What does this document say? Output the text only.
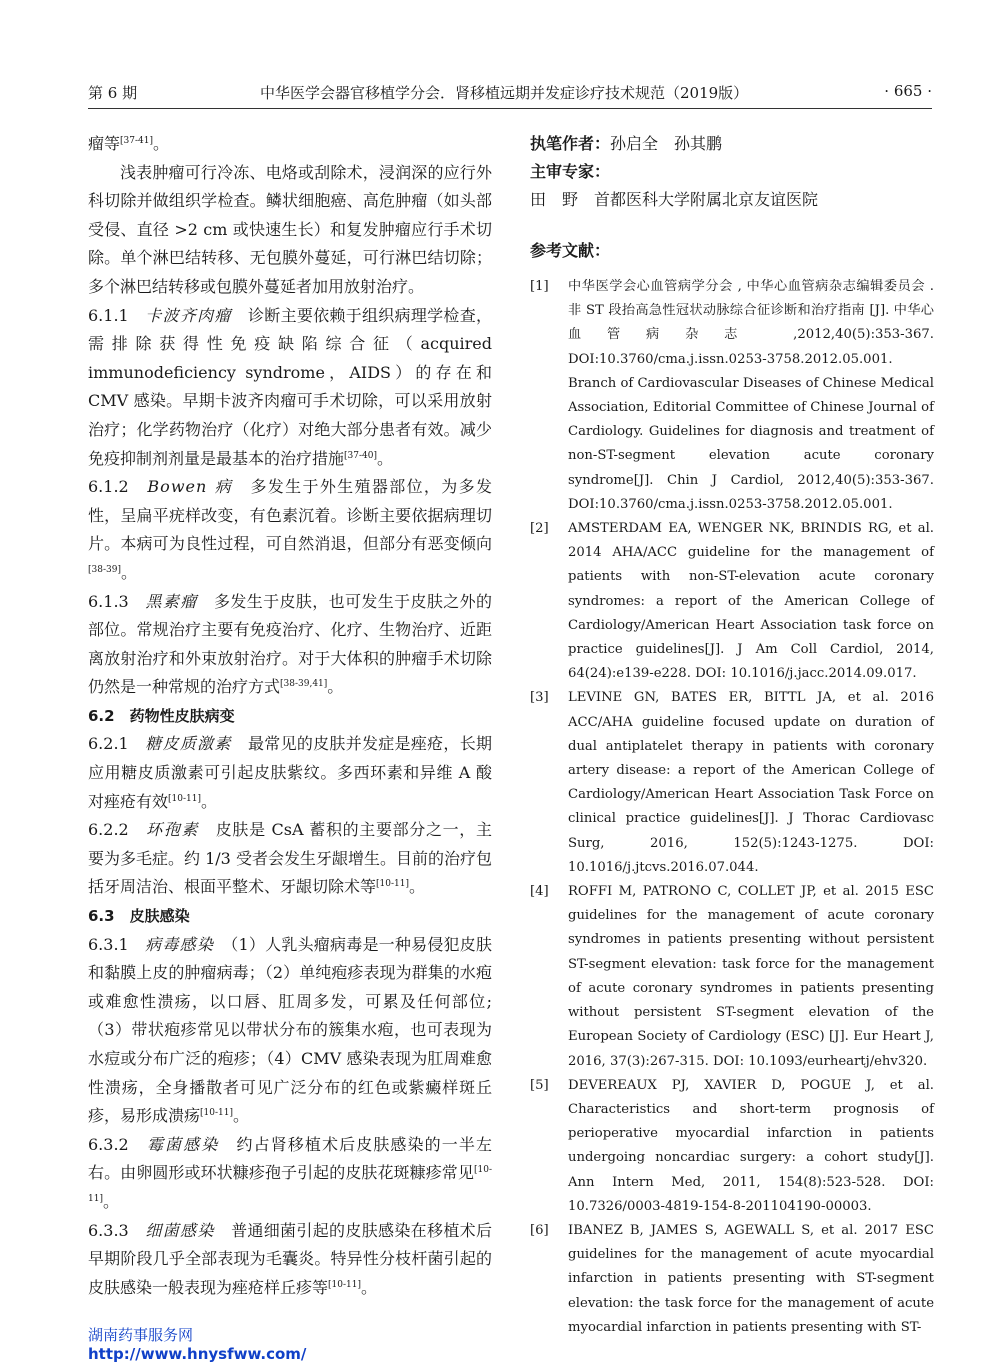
第 6 期	中华医学会器官移植学分会．肾移植远期并发症诊疗技术规范（2019版）	· 665 ·

瘤等[37-41]。

浅表肿瘤可行冷冻、电烙或刮除术，浸润深的应行外科切除并做组织学检查。鳞状细胞癌、高危肿瘤（如头部受侵、直径 >2 cm 或快速生长）和复发肿瘤应行手术切除。单个淋巴结转移、无包膜外蔓延，可行淋巴结切除；多个淋巴结转移或包膜外蔓延者加用放射治疗。

6.1.1　 卡波齐肉瘤　 诊断主要依赖于组织病理学检查，需排除获得性免疫缺陷综合征（acquired immunodeficiency syndrome，AIDS）的存在和 CMV 感染。早期卡波齐肉瘤可手术切除，可以采用放射治疗；化学药物治疗（化疗）对绝大部分患者有效。减少免疫抑制剂剂量是最基本的治疗措施[37-40]。

6.1.2　 Bowen 病　 多发生于外生殖器部位，为多发性，呈扁平疣样改变，有色素沉着。诊断主要依据病理切片。本病可为良性过程，可自然消退，但部分有恶变倾向[38-39]。

6.1.3　 黑素瘤　 多发生于皮肤，也可发生于皮肤之外的部位。常规治疗主要有免疫治疗、化疗、生物治疗、近距离放射治疗和外束放射治疗。对于大体积的肿瘤手术切除仍然是一种常规的治疗方式[38-39,41]。

6.2　药物性皮肤病变

6.2.1　 糖皮质激素　 最常见的皮肤并发症是痤疮，长期应用糖皮质激素可引起皮肤紫纹。多西环素和异维 A 酸对痤疮有效[10-11]。

6.2.2　 环孢素　 皮肤是 CsA 蓄积的主要部分之一，主要为多毛症。约 1/3 受者会发生牙龈增生。目前的治疗包括牙周洁治、根面平整术、牙龈切除术等[10-11]。

6.3　皮肤感染

6.3.1　 病毒感染　 （1）人乳头瘤病毒是一种易侵犯皮肤和黏膜上皮的肿瘤病毒；（2）单纯疱疹表现为群集的水疱或难愈性溃疡，以口唇、肛周多发，可累及任何部位;（3）带状疱疹常见以带状分布的簇集水疱，也可表现为水痘或分布广泛的疱疹；（4）CMV 感染表现为肛周难愈性溃疡，全身播散者可见广泛分布的红色或紫癜样斑丘疹，易形成溃疡[10-11]。

6.3.2　 霉菌感染　 约占肾移植术后皮肤感染的一半左右。由卵圆形或环状糠疹孢子引起的皮肤花斑糠疹常见[10-11]。

6.3.3　 细菌感染　 普通细菌引起的皮肤感染在移植术后早期阶段几乎全部表现为毛囊炎。特异性分枝杆菌引起的皮肤感染一般表现为痤疮样丘疹等[10-11]。

执笔作者：孙启全　孙其鹏

主审专家：

田　野　首都医科大学附属北京友谊医院

参考文献：

[1] 中华医学会心血管病学分会 , 中华心血管病杂志编辑委员会 . 非 ST 段抬高急性冠状动脉综合征诊断和治疗指南 [J]. 中华心血管病杂志 ,2012,40(5):353-367. DOI:10.3760/cma.j.issn.0253-3758.2012.05.001.
Branch of Cardiovascular Diseases of Chinese Medical Association, Editorial Committee of Chinese Journal of Cardiology. Guidelines for diagnosis and treatment of non-ST-segment elevation acute coronary syndrome[J]. Chin J Cardiol, 2012,40(5):353-367. DOI:10.3760/cma.j.issn.0253-3758.2012.05.001.

[2] AMSTERDAM EA, WENGER NK, BRINDIS RG, et al. 2014 AHA/ACC guideline for the management of patients with non-ST-elevation acute coronary syndromes: a report of the American College of Cardiology/American Heart Association task force on practice guidelines[J]. J Am Coll Cardiol, 2014, 64(24):e139-e228. DOI: 10.1016/j.jacc.2014.09.017.

[3] LEVINE GN, BATES ER, BITTL JA, et al. 2016 ACC/AHA guideline focused update on duration of dual antiplatelet therapy in patients with coronary artery disease: a report of the American College of Cardiology/American Heart Association Task Force on clinical practice guidelines[J]. J Thorac Cardiovasc Surg, 2016, 152(5):1243-1275. DOI: 10.1016/j.jtcvs.2016.07.044.

[4] ROFFI M, PATRONO C, COLLET JP, et al. 2015 ESC guidelines for the management of acute coronary syndromes in patients presenting without persistent ST-segment elevation: task force for the management of acute coronary syndromes in patients presenting without persistent ST-segment elevation of the European Society of Cardiology (ESC) [J]. Eur Heart J, 2016, 37(3):267-315. DOI: 10.1093/eurheartj/ehv320.

[5] DEVEREAUX PJ, XAVIER D, POGUE J, et al. Characteristics and short-term prognosis of perioperative myocardial infarction in patients undergoing noncardiac surgery: a cohort study[J]. Ann Intern Med, 2011, 154(8):523-528. DOI: 10.7326/0003-4819-154-8-201104190-00003.

[6] IBANEZ B, JAMES S, AGEWALL S, et al. 2017 ESC guidelines for the management of acute myocardial infarction in patients presenting with ST-segment elevation: the task force for the management of acute myocardial infarction in patients presenting with ST-

湖南药事服务网
http://www.hnysfww.com/
